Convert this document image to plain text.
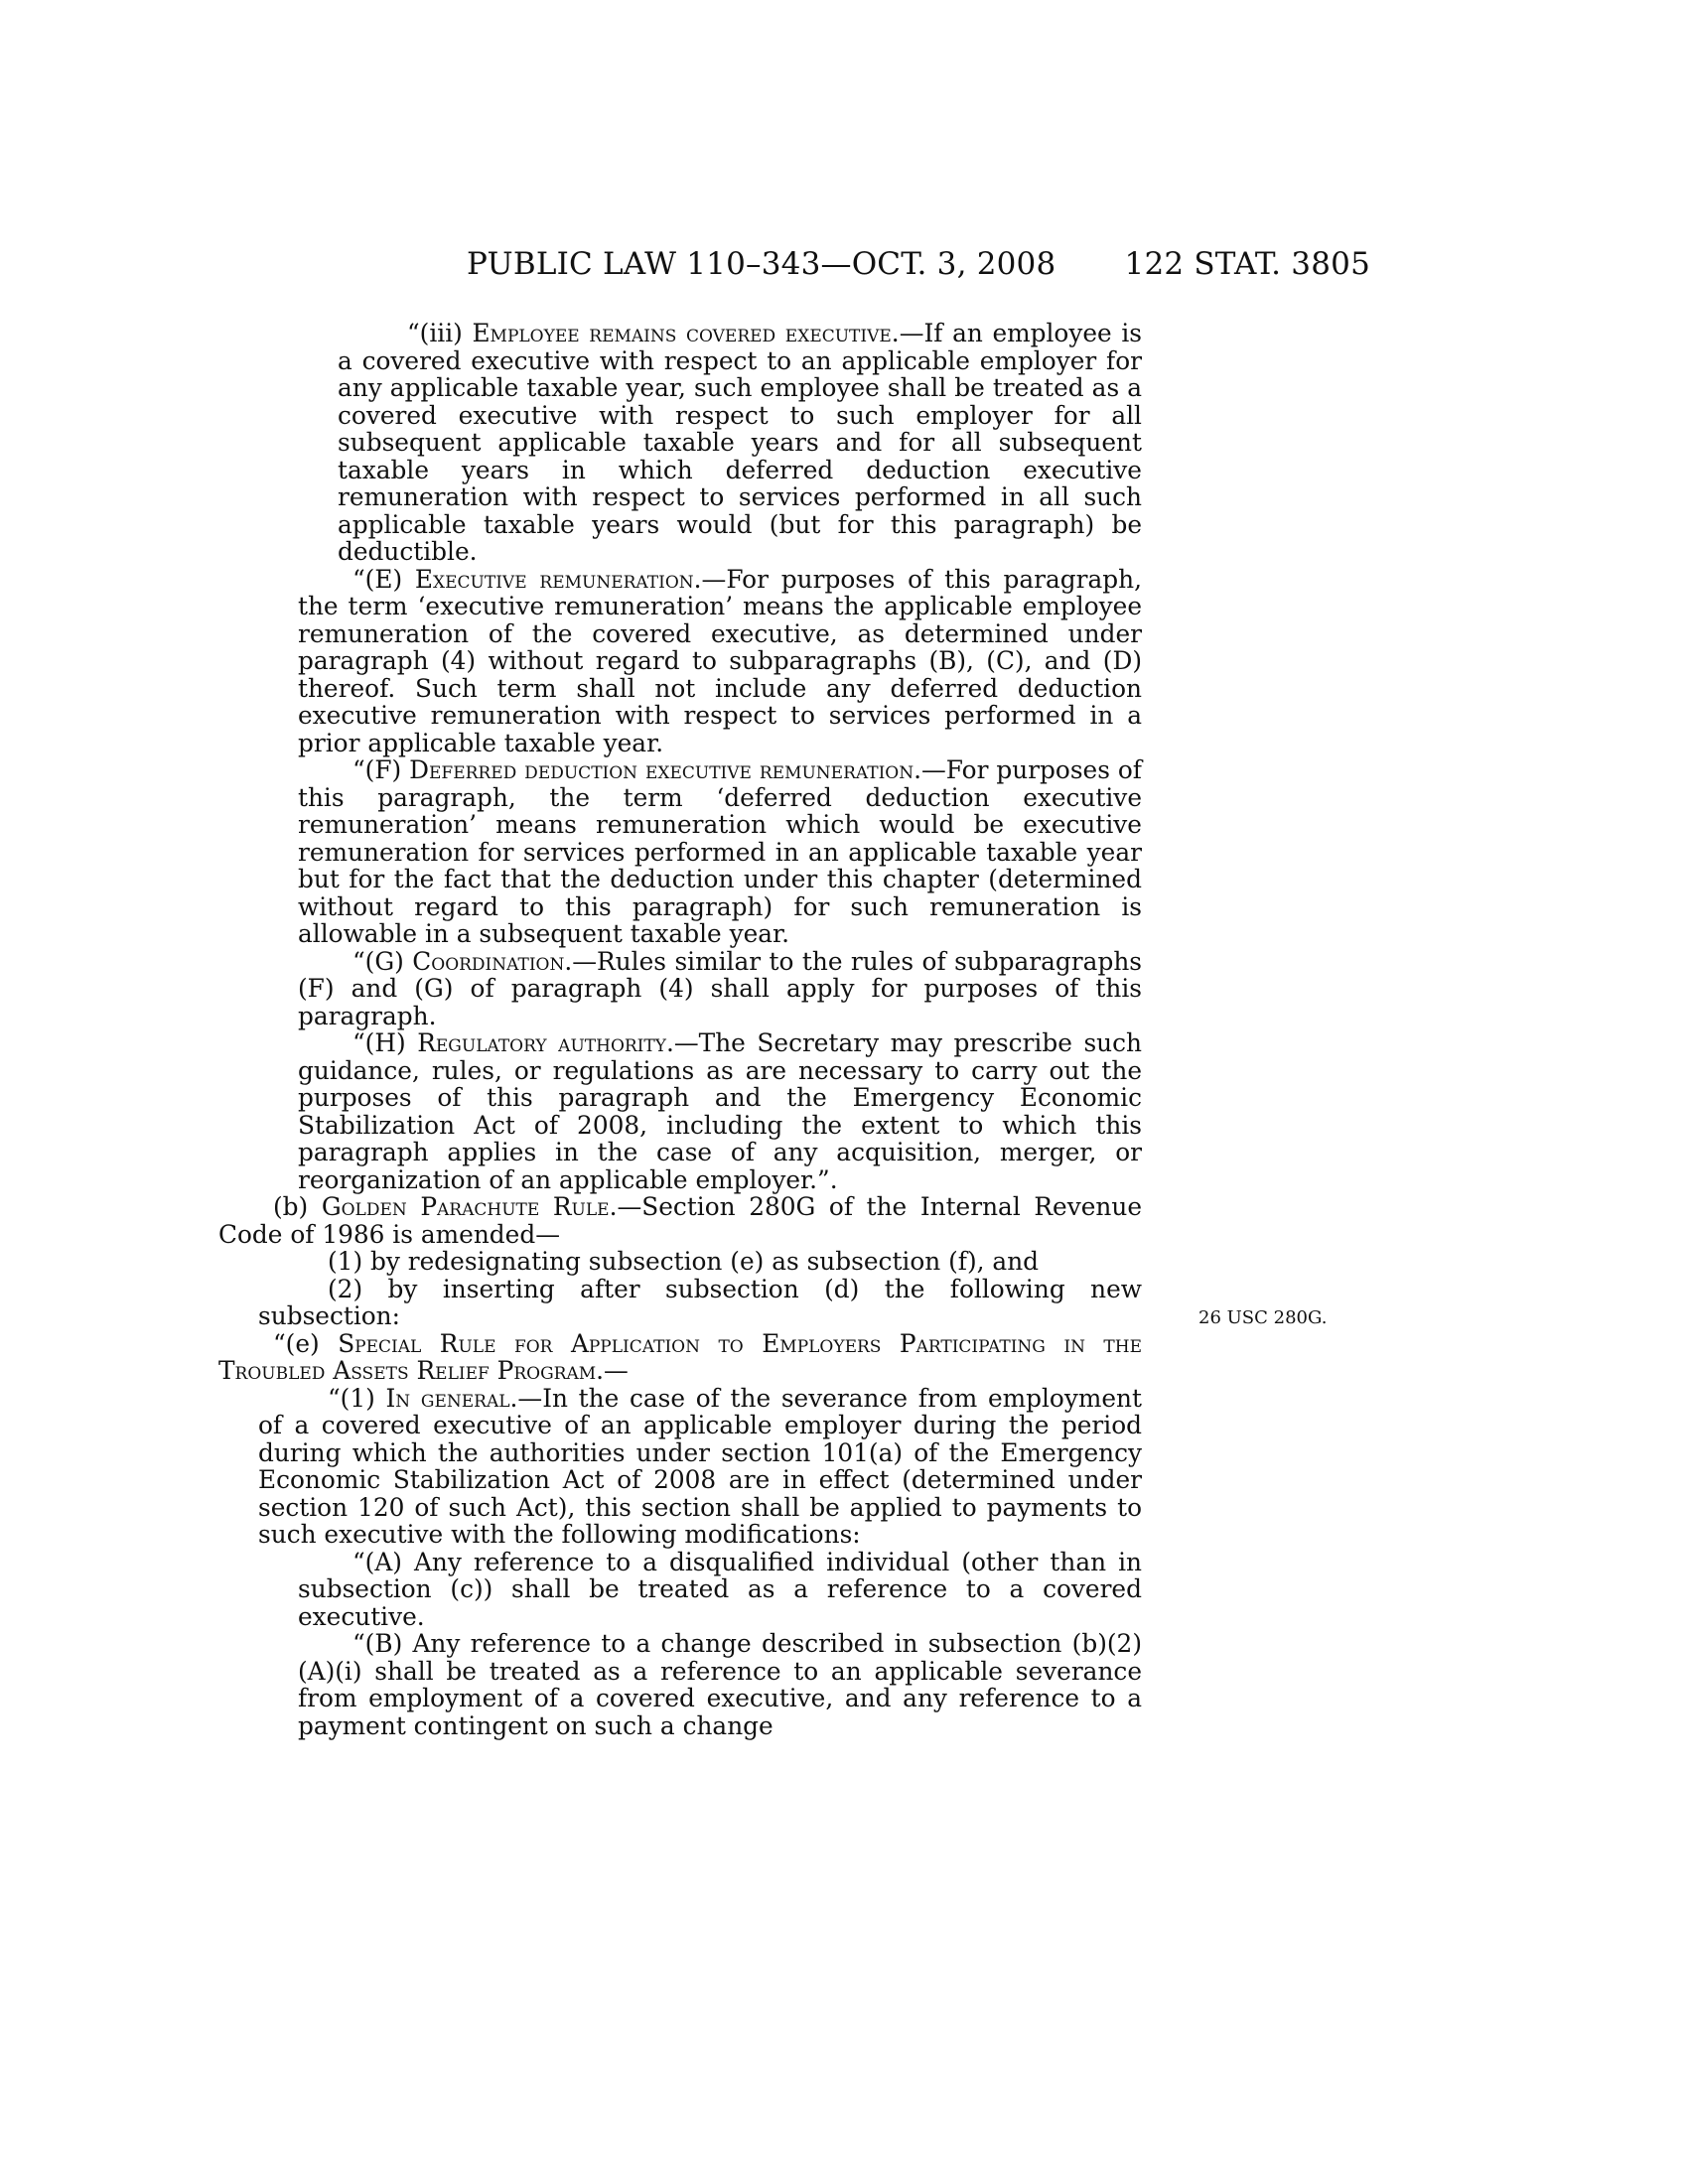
PUBLIC LAW 110–343—OCT. 3, 2008 122 STAT. 3805
26 USC 280G.

“(iii) Employee remains covered executive.—If an employee is a covered executive with respect to an applicable employer for any applicable taxable year, such employee shall be treated as a covered executive with respect to such employer for all subsequent applicable taxable years and for all subsequent taxable years in which deferred deduction executive remuneration with respect to services performed in all such applicable taxable years would (but for this paragraph) be deductible.

“(E) Executive remuneration.—For purposes of this paragraph, the term ‘executive remuneration’ means the applicable employee remuneration of the covered executive, as determined under paragraph (4) without regard to subparagraphs (B), (C), and (D) thereof. Such term shall not include any deferred deduction executive remuneration with respect to services performed in a prior applicable taxable year.

“(F) Deferred deduction executive remuneration.—For purposes of this paragraph, the term ‘deferred deduction executive remuneration’ means remuneration which would be executive remuneration for services performed in an applicable taxable year but for the fact that the deduction under this chapter (determined without regard to this paragraph) for such remuneration is allowable in a subsequent taxable year.

“(G) Coordination.—Rules similar to the rules of subparagraphs (F) and (G) of paragraph (4) shall apply for purposes of this paragraph.

“(H) Regulatory authority.—The Secretary may prescribe such guidance, rules, or regulations as are necessary to carry out the purposes of this paragraph and the Emergency Economic Stabilization Act of 2008, including the extent to which this paragraph applies in the case of any acquisition, merger, or reorganization of an applicable employer.”.

(b) Golden Parachute Rule.—Section 280G of the Internal Revenue Code of 1986 is amended—

(1) by redesignating subsection (e) as subsection (f), and

(2) by inserting after subsection (d) the following new subsection:

“(e) Special Rule for Application to Employers Participating in the Troubled Assets Relief Program.—

“(1) In general.—In the case of the severance from employment of a covered executive of an applicable employer during the period during which the authorities under section 101(a) of the Emergency Economic Stabilization Act of 2008 are in effect (determined under section 120 of such Act), this section shall be applied to payments to such executive with the following modifications:

“(A) Any reference to a disqualified individual (other than in subsection (c)) shall be treated as a reference to a covered executive.

“(B) Any reference to a change described in subsection (b)(2)(A)(i) shall be treated as a reference to an applicable severance from employment of a covered executive, and any reference to a payment contingent on such a change
